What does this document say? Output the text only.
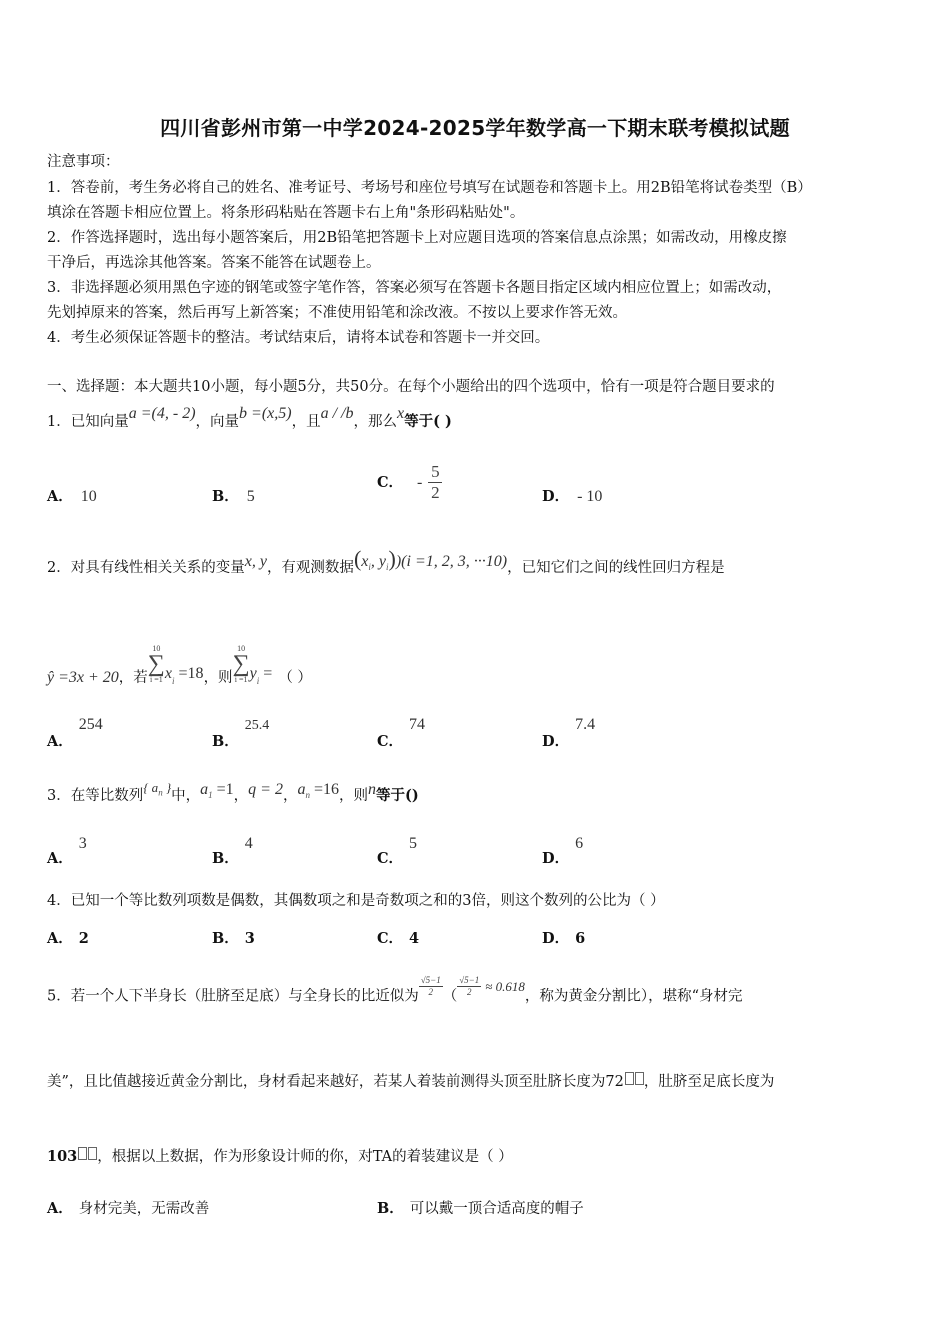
四川省彭州市第一中学2024-2025学年数学高一下期末联考模拟试题
注意事项：
1．答卷前，考生务必将自己的姓名、准考证号、考场号和座位号填写在试题卷和答题卡上。用2B铅笔将试卷类型（B）
填涂在答题卡相应位置上。将条形码粘贴在答题卡右上角"条形码粘贴处"。
2．作答选择题时，选出每小题答案后，用2B铅笔把答题卡上对应题目选项的答案信息点涂黑；如需改动，用橡皮擦
干净后，再选涂其他答案。答案不能答在试题卷上。
3．非选择题必须用黑色字迹的钢笔或签字笔作答，答案必须写在答题卡各题目指定区域内相应位置上；如需改动，
先划掉原来的答案，然后再写上新答案；不准使用铅笔和涂改液。不按以上要求作答无效。
4．考生必须保证答题卡的整洁。考试结束后，请将本试卷和答题卡一并交回。
一、选择题：本大题共10小题，每小题5分，共50分。在每个小题给出的四个选项中，恰有一项是符合题目要求的
1．已知向量a =(4, - 2)，向量b =(x,5)，且a / /b，那么x等于( )
A． 10	B． 5
C． - $\frac{5}{2}$	D． - 10
2．对具有线性相关关系的变量x, y，有观测数据($x_i$, $y_i))(i =1$, 2, 3, ···10)，已知它们之间的线性回归方程是
ŷ =3x + 20，若
10
∑
i =1 $x_i =18$，则
10
∑
i =1 $y_i$ = （ ）
A．254
B．25.4
C．74
D．7.4
3．在等比数列{ $a_n$ }中，$a_1 =1$，q = 2，$a_n =16$，则n等于()
A．3
B．4
C．5
D．6
4．已知一个等比数列项数是偶数，其偶数项之和是奇数项之和的3倍，则这个数列的公比为（ ）
A． 2	B． 3	C． 4	D． 6
5．若一个人下半身长（肚脐至足底）与全身长的比近似为 $\frac{√5-1}{2}$ （ $\frac{√5-1}{2} \approx 0.618$，称为黄金分割比），堪称“身材完
美”，且比值越接近黄金分割比，身材看起来越好，若某人着装前测得头顶至肚脐长度为72 ，肚脐至足底长度为
103 ，根据以上数据，作为形象设计师的你，对TA的着装建议是（ ）
A． 身材完美，无需改善	B． 可以戴一顶合适高度的帽子
